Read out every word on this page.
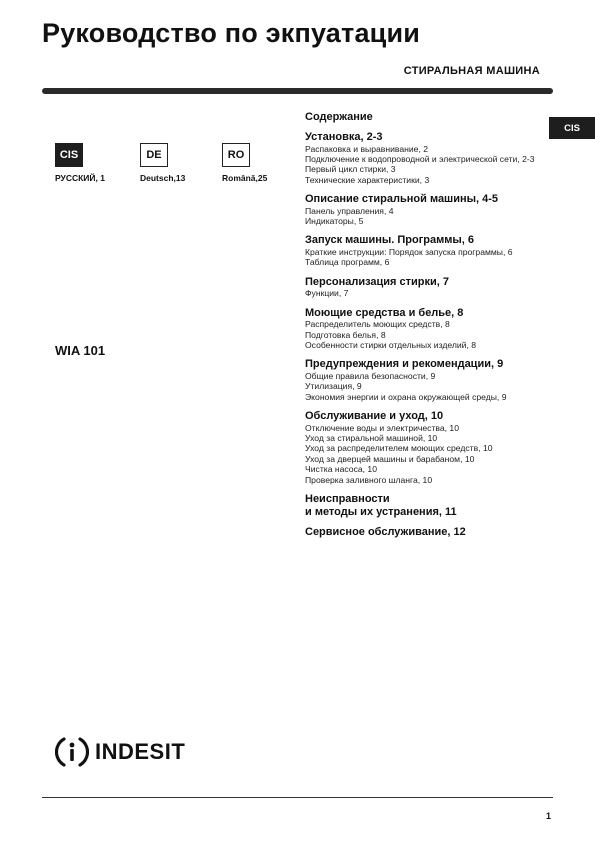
Руководство по экпуатации
СТИРАЛЬНАЯ МАШИНА
CIS
CIS
РУССКИЙ, 1
DE
Deutsch,13
RO
Română,25
WIA 101
Содержание
Установка, 2-3
Распаковка и выравнивание, 2
Подключение к водопроводной и электрической сети, 2-3
Первый цикл стирки, 3
Технические характеристики, 3
Описание стиральной машины, 4-5
Панель управления, 4
Индикаторы, 5
Запуск машины. Программы, 6
Краткие инструкции: Порядок запуска программы, 6
Таблица программ, 6
Персонализация стирки, 7
Функции, 7
Моющие средства и белье, 8
Распределитель моющих средств, 8
Подготовка белья, 8
Особенности стирки отдельных изделий, 8
Предупреждения и рекомендации, 9
Общие правила безопасности, 9
Утилизация, 9
Экономия энергии и охрана окружающей среды, 9
Обслуживание и уход, 10
Отключение воды и электричества, 10
Уход за стиральной машиной, 10
Уход за распределителем моющих средств, 10
Уход за дверцей машины и барабаном, 10
Чистка насоса, 10
Проверка заливного шланга, 10
Неисправности
и методы их устранения, 11
Сервисное обслуживание, 12
INDESIT
1
